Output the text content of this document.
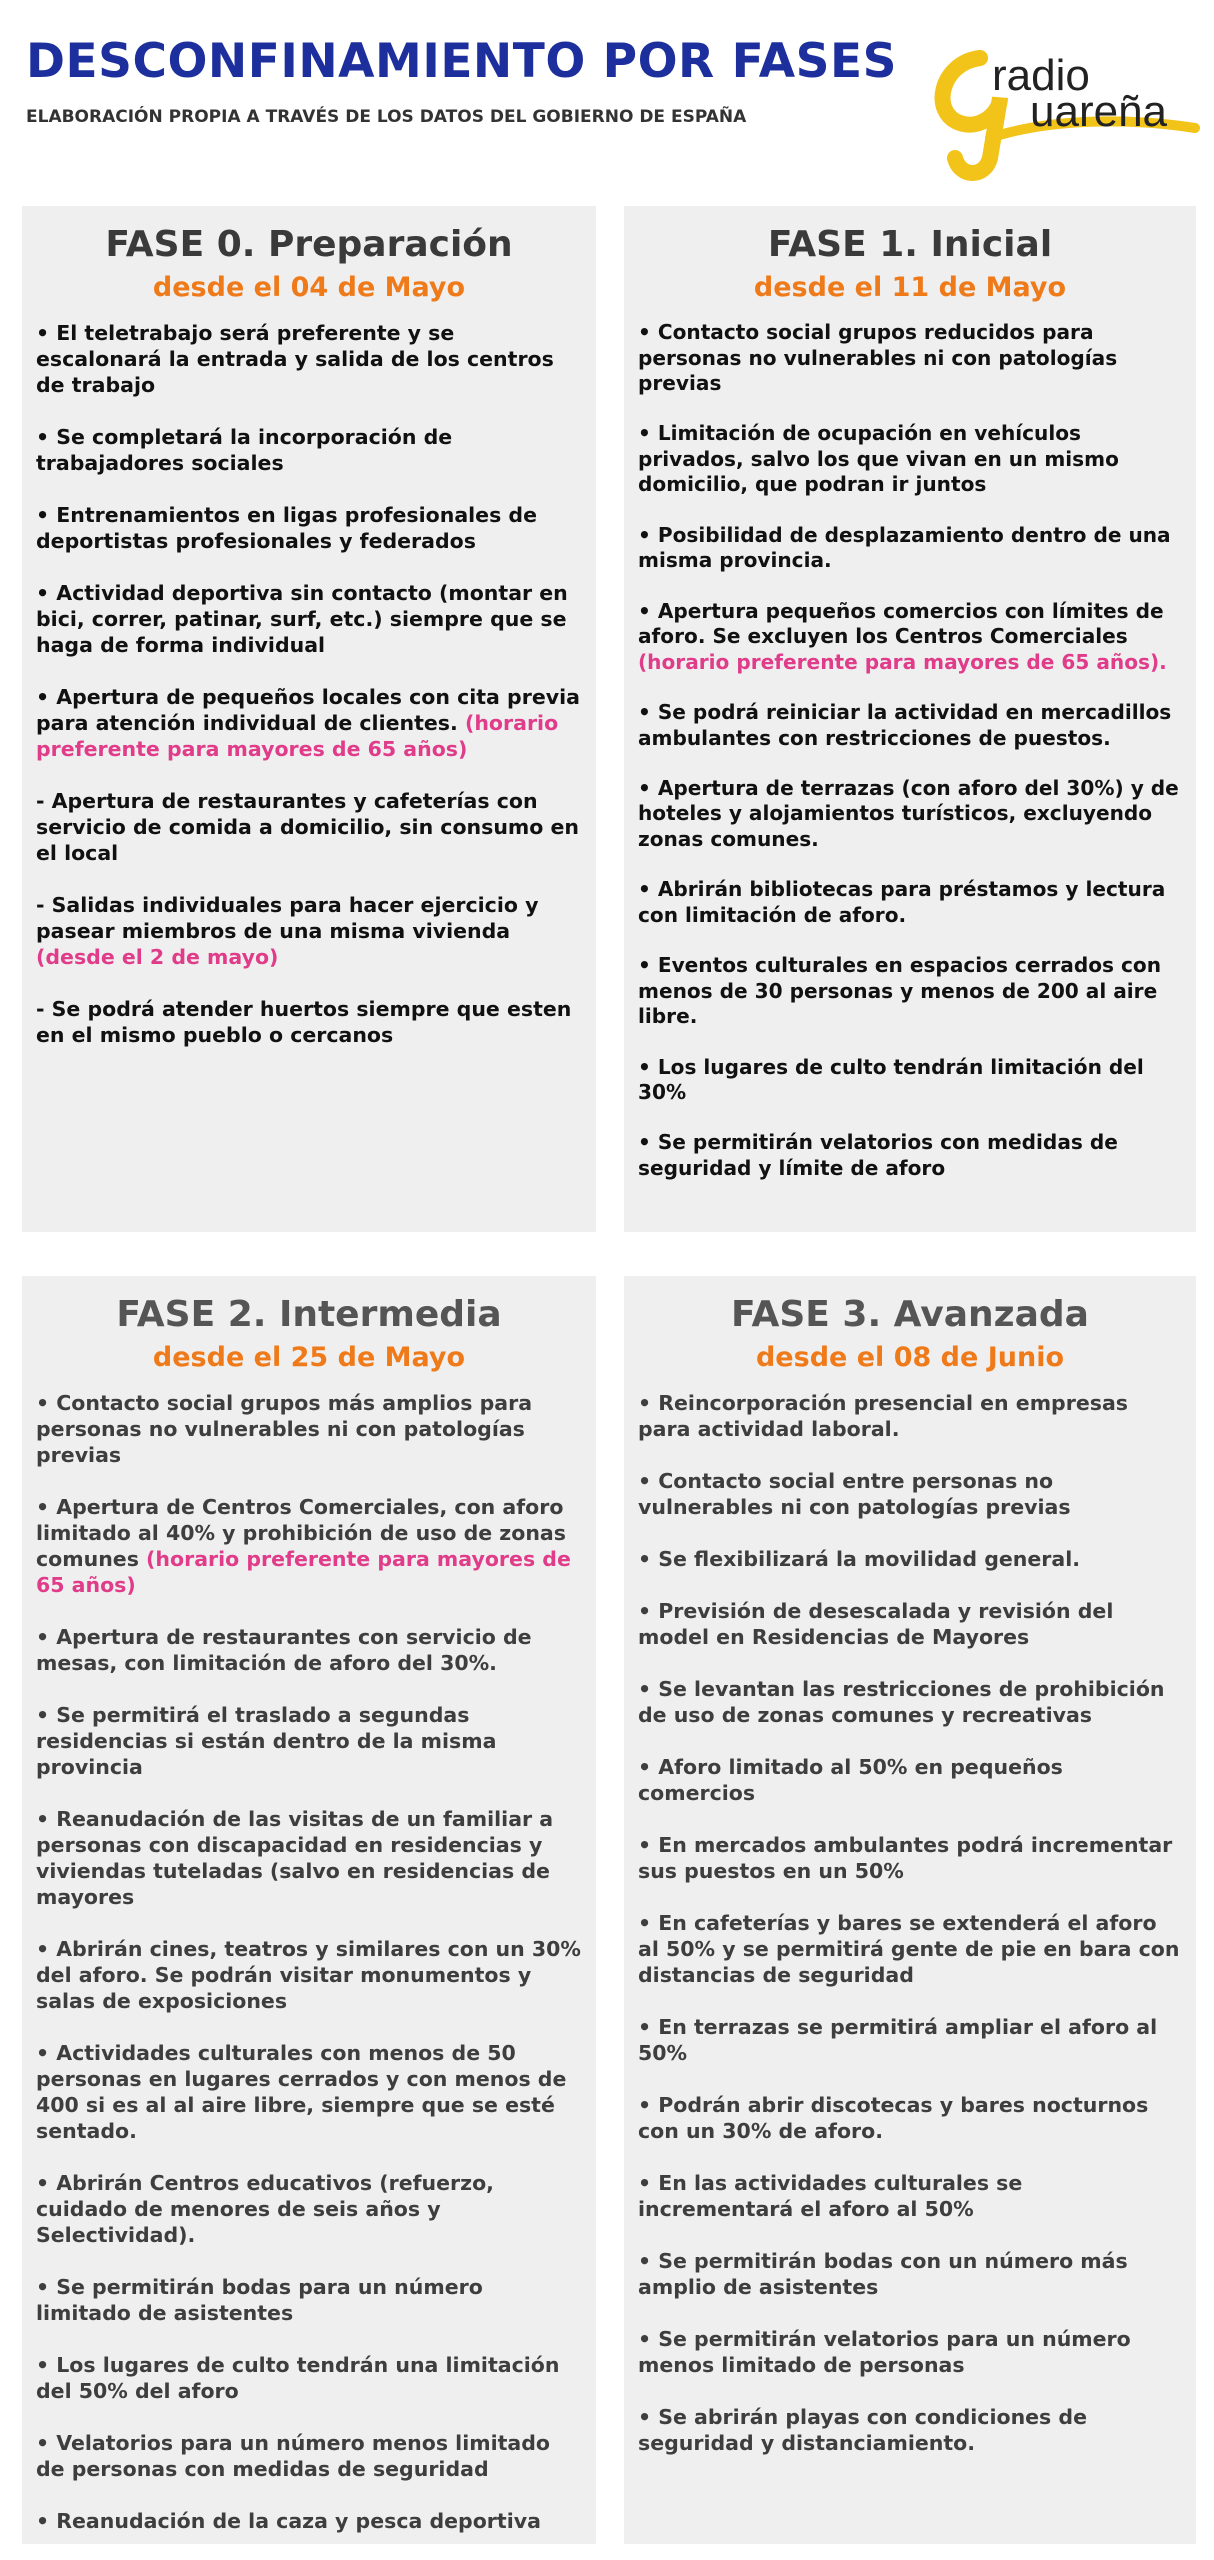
DESCONFINAMIENTO POR FASES
ELABORACIÓN PROPIA A TRAVÉS DE LOS DATOS DEL GOBIERNO DE ESPAÑA
radio
uareña
FASE 0. Preparación
desde el 04 de Mayo
• El teletrabajo será preferente y se escalonará la entrada y salida de los centros de trabajo
• Se completará la incorporación de trabajadores sociales
• Entrenamientos en ligas profesionales de deportistas profesionales y federados
• Actividad deportiva sin contacto (montar en bici, correr, patinar, surf, etc.) siempre que se haga de forma individual
• Apertura de pequeños locales con cita previa para atención individual de clientes. (horario preferente para mayores de 65 años)
- Apertura de restaurantes y cafeterías con servicio de comida a domicilio, sin consumo en el local
- Salidas individuales para hacer ejercicio y pasear miembros de una misma vivienda (desde el 2 de mayo)
- Se podrá atender huertos siempre que esten en el mismo pueblo o cercanos
FASE 1. Inicial
desde el 11 de Mayo
• Contacto social grupos reducidos para personas no vulnerables ni con patologías previas
• Limitación de ocupación en vehículos privados, salvo los que vivan en un mismo domicilio, que podran ir juntos
• Posibilidad de desplazamiento dentro de una misma provincia.
• Apertura pequeños comercios con límites de aforo. Se excluyen los Centros Comerciales (horario preferente para mayores de 65 años).
• Se podrá reiniciar la actividad en mercadillos ambulantes con restricciones de puestos.
• Apertura de terrazas (con aforo del 30%) y de hoteles y alojamientos turísticos, excluyendo zonas comunes.
• Abrirán bibliotecas para préstamos y lectura con limitación de aforo.
• Eventos culturales en espacios cerrados con menos de 30 personas y menos de 200 al aire libre.
• Los lugares de culto tendrán limitación del 30%
• Se permitirán velatorios con medidas de seguridad y límite de aforo
FASE 2. Intermedia
desde el 25 de Mayo
• Contacto social grupos más amplios para personas no vulnerables ni con patologías previas
• Apertura de Centros Comerciales, con aforo limitado al 40% y prohibición de uso de zonas comunes (horario preferente para mayores de 65 años)
• Apertura de restaurantes con servicio de mesas, con limitación de aforo del 30%.
• Se permitirá el traslado a segundas residencias si están dentro de la misma provincia
• Reanudación de las visitas de un familiar a personas con discapacidad en residencias y viviendas tuteladas (salvo en residencias de mayores
• Abrirán cines, teatros y similares con un 30% del aforo. Se podrán visitar monumentos y salas de exposiciones
• Actividades culturales con menos de 50 personas en lugares cerrados y con menos de 400 si es al al aire libre, siempre que se esté sentado.
• Abrirán Centros educativos (refuerzo, cuidado de menores de seis años y Selectividad).
• Se permitirán bodas para un número limitado de asistentes
• Los lugares de culto tendrán una limitación del 50% del aforo
• Velatorios para un número menos limitado de personas con medidas de seguridad
• Reanudación de la caza y pesca deportiva
FASE 3. Avanzada
desde el 08 de Junio
• Reincorporación presencial en empresas para actividad laboral.
• Contacto social entre personas no vulnerables ni con patologías previas
• Se flexibilizará la movilidad general.
• Previsión de desescalada y revisión del model en Residencias de Mayores
• Se levantan las restricciones de prohibición de uso de zonas comunes y recreativas
• Aforo limitado al 50% en pequeños comercios
• En mercados ambulantes podrá incrementar sus puestos en un 50%
• En cafeterías y bares se extenderá el aforo al 50% y se permitirá gente de pie en bara con distancias de seguridad
• En terrazas se permitirá ampliar el aforo al 50%
• Podrán abrir discotecas y bares nocturnos con un 30% de aforo.
• En las actividades culturales se incrementará el aforo al 50%
• Se permitirán bodas con un número más amplio de asistentes
• Se permitirán velatorios para un número menos limitado de personas
• Se abrirán playas con condiciones de seguridad y distanciamiento.
